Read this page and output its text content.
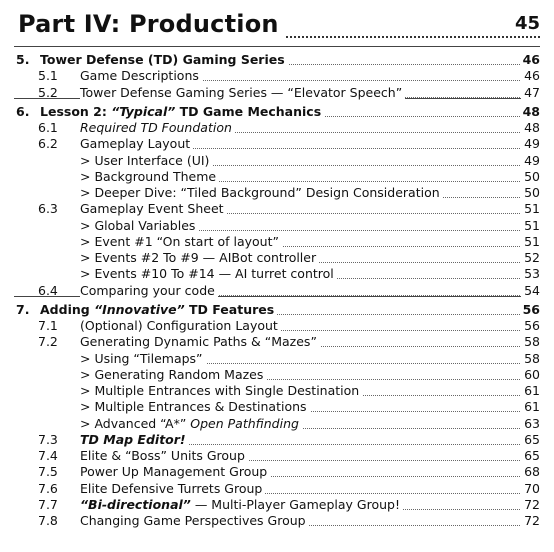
Part IV: Production	45
5. Tower Defense (TD) Gaming Series	46
5.1 Game Descriptions	46
5.2 Tower Defense Gaming Series — “Elevator Speech”	47
6. Lesson 2: “Typical” TD Game Mechanics	48
6.1 Required TD Foundation	48
6.2 Gameplay Layout	49
> User Interface (UI)	49
> Background Theme	50
> Deeper Dive: “Tiled Background” Design Consideration	50
6.3 Gameplay Event Sheet	51
> Global Variables	51
> Event #1 “On start of layout”	51
> Events #2 To #9 — AIBot controller	52
> Events #10 To #14 — AI turret control	53
6.4 Comparing your code	54
7. Adding “Innovative” TD Features	56
7.1 (Optional) Configuration Layout	56
7.2 Generating Dynamic Paths & “Mazes”	58
> Using “Tilemaps”	58
> Generating Random Mazes	60
> Multiple Entrances with Single Destination	61
> Multiple Entrances & Destinations	61
> Advanced “A*” Open Pathfinding	63
7.3 TD Map Editor!	65
7.4 Elite & “Boss” Units Group	65
7.5 Power Up Management Group	68
7.6 Elite Defensive Turrets Group	70
7.7 “Bi-directional” — Multi-Player Gameplay Group!	72
7.8 Changing Game Perspectives Group	72
